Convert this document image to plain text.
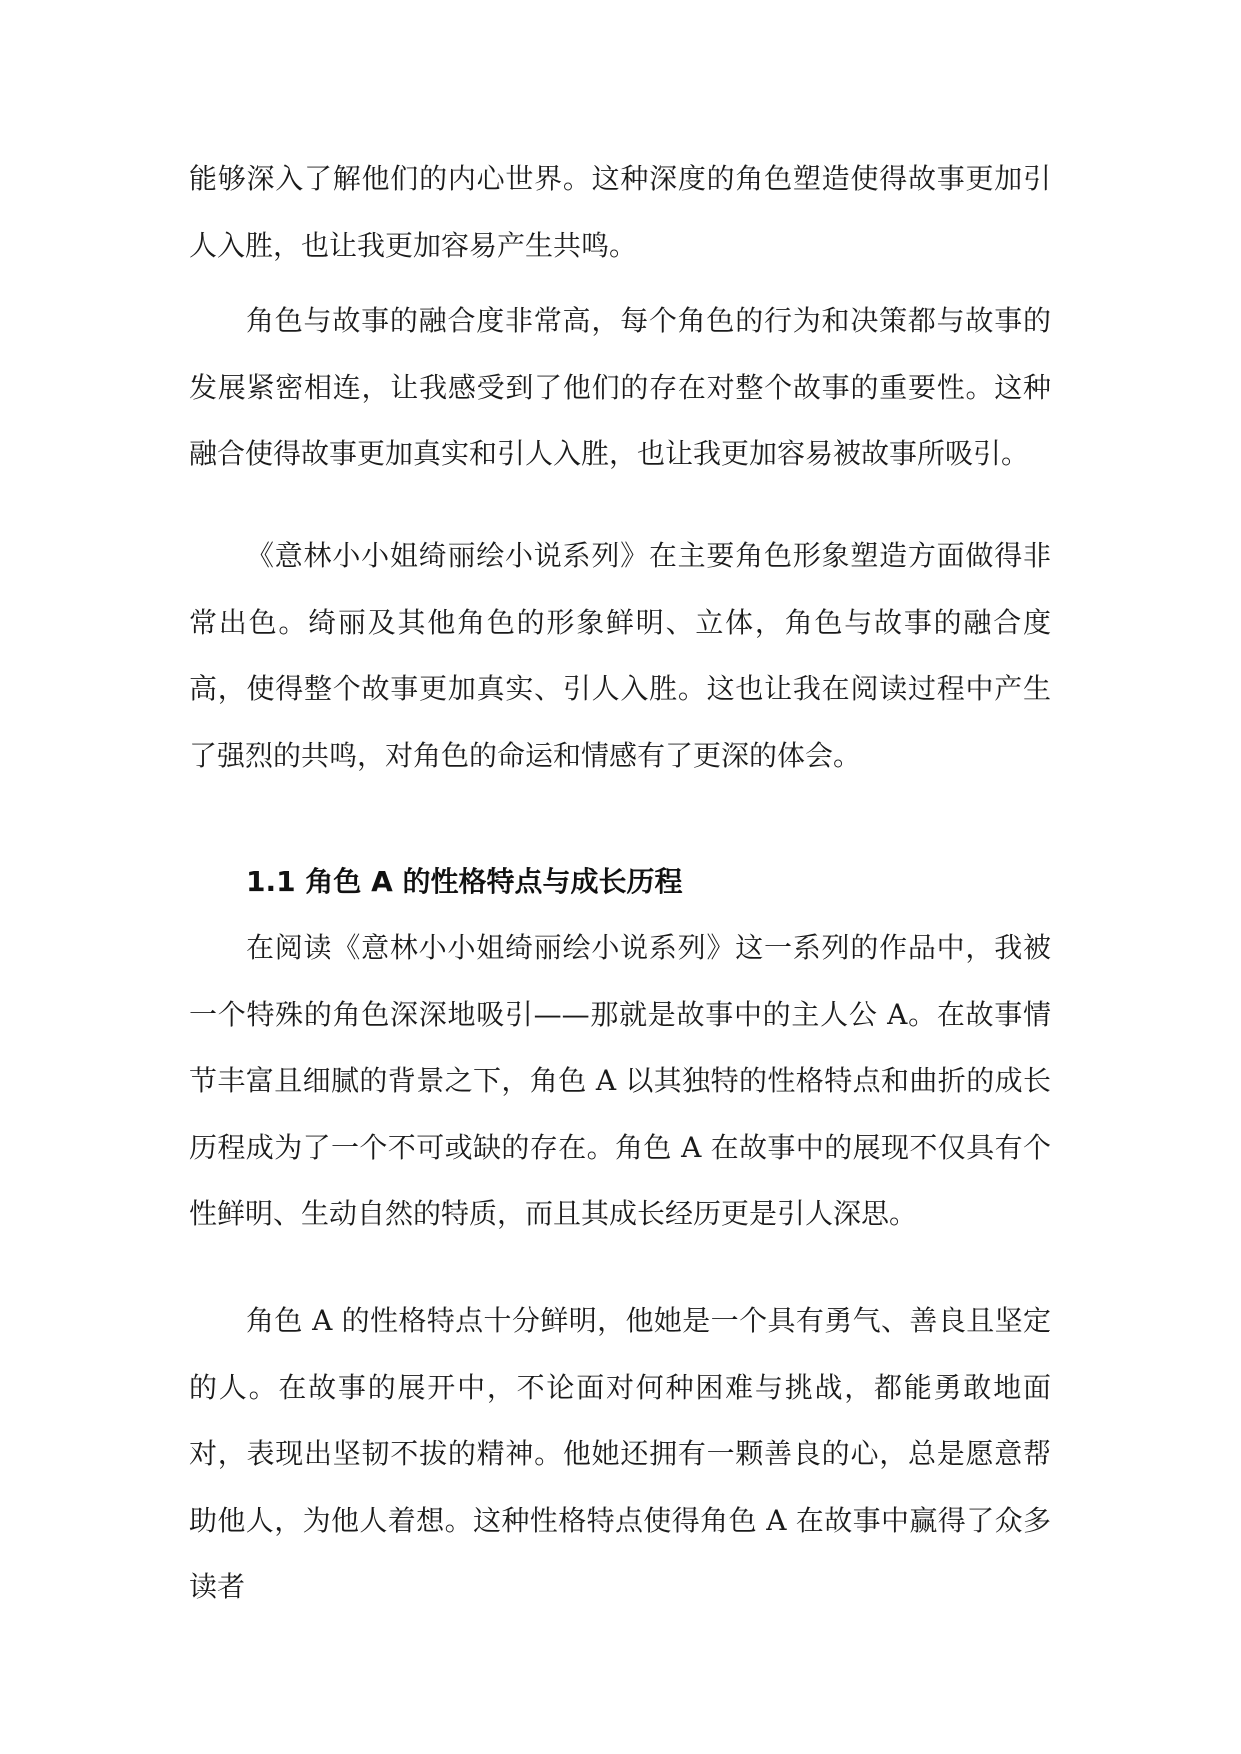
能够深入了解他们的内心世界。这种深度的角色塑造使得故事更加引人入胜，也让我更加容易产生共鸣。

角色与故事的融合度非常高，每个角色的行为和决策都与故事的发展紧密相连，让我感受到了他们的存在对整个故事的重要性。这种融合使得故事更加真实和引人入胜，也让我更加容易被故事所吸引。

《意林小小姐绮丽绘小说系列》在主要角色形象塑造方面做得非常出色。绮丽及其他角色的形象鲜明、立体，角色与故事的融合度高，使得整个故事更加真实、引人入胜。这也让我在阅读过程中产生了强烈的共鸣，对角色的命运和情感有了更深的体会。

1.1 角色 A 的性格特点与成长历程

在阅读《意林小小姐绮丽绘小说系列》这一系列的作品中，我被一个特殊的角色深深地吸引——那就是故事中的主人公 A。在故事情节丰富且细腻的背景之下，角色 A 以其独特的性格特点和曲折的成长历程成为了一个不可或缺的存在。角色 A 在故事中的展现不仅具有个性鲜明、生动自然的特质，而且其成长经历更是引人深思。

角色 A 的性格特点十分鲜明，他她是一个具有勇气、善良且坚定的人。在故事的展开中，不论面对何种困难与挑战，都能勇敢地面对，表现出坚韧不拔的精神。他她还拥有一颗善良的心，总是愿意帮助他人，为他人着想。这种性格特点使得角色 A 在故事中赢得了众多读者
